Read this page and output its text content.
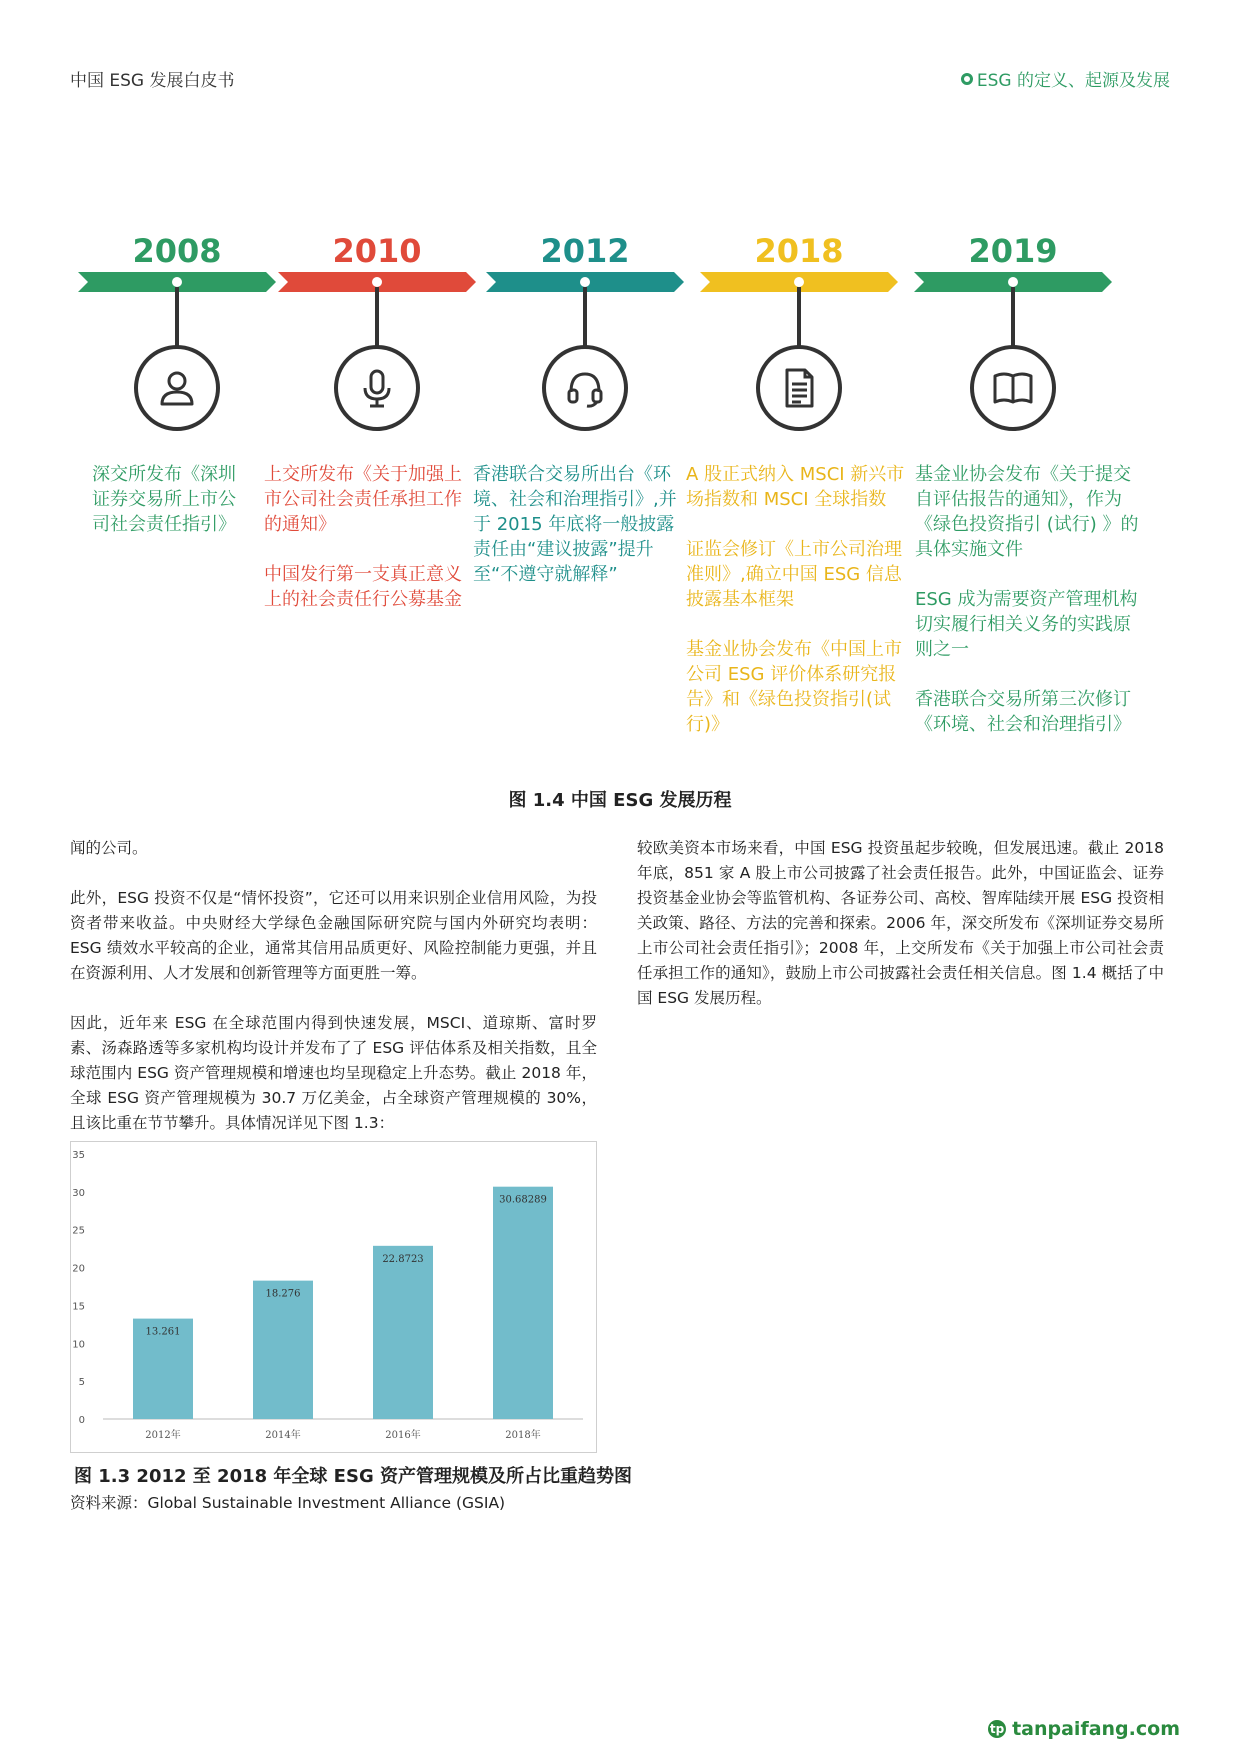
中国 ESG 发展白皮书	ESG 的定义、起源及发展
2008

深交所发布《深圳证券交易所上市公司社会责任指引》

2010

上交所发布《关于加强上市公司社会责任承担工作的通知》

中国发行第一支真正意义上的社会责任行公募基金

2012

香港联合交易所出台《环境、社会和治理指引》,并于 2015 年底将一般披露责任由“建议披露”提升至“不遵守就解释”

2018

A 股正式纳入 MSCI 新兴市场指数和 MSCI 全球指数

证监会修订《上市公司治理准则》,确立中国 ESG 信息披露基本框架

基金业协会发布《中国上市公司 ESG 评价体系研究报告》和《绿色投资指引(试行)》

2019

基金业协会发布《关于提交自评估报告的通知》，作为《绿色投资指引 (试行) 》的具体实施文件

ESG 成为需要资产管理机构切实履行相关义务的实践原则之一

香港联合交易所第三次修订《环境、社会和治理指引》

图 1.4 中国 ESG 发展历程

闻的公司。

此外，ESG 投资不仅是“情怀投资”，它还可以用来识别企业信用风险，为投资者带来收益。中央财经大学绿色金融国际研究院与国内外研究均表明：ESG 绩效水平较高的企业，通常其信用品质更好、风险控制能力更强，并且在资源利用、人才发展和创新管理等方面更胜一筹。

因此，近年来 ESG 在全球范围内得到快速发展，MSCI、道琼斯、富时罗素、汤森路透等多家机构均设计并发布了了 ESG 评估体系及相关指数，且全球范围内 ESG 资产管理规模和增速也均呈现稳定上升态势。截止 2018 年，全球 ESG 资产管理规模为 30.7 万亿美金，占全球资产管理规模的 30%，且该比重在节节攀升。具体情况详见下图 1.3：

较欧美资本市场来看，中国 ESG 投资虽起步较晚，但发展迅速。截止 2018 年底，851 家 A 股上市公司披露了社会责任报告。此外，中国证监会、证券投资基金业协会等监管机构、各证券公司、高校、智库陆续开展 ESG 投资相关政策、路径、方法的完善和探索。2006 年，深交所发布《深圳证券交易所上市公司社会责任指引》；2008 年，上交所发布《关于加强上市公司社会责任承担工作的通知》，鼓励上市公司披露社会责任相关信息。图 1.4 概括了中国 ESG 发展历程。

0
5
10
15
20
25
30
35
13.261
2012年
18.276
2014年
22.8723
2016年
30.68289
2018年
图 1.3 2012 至 2018 年全球 ESG 资产管理规模及所占比重趋势图
资料来源：Global Sustainable Investment Alliance (GSIA)
tp tanpaifang.com
